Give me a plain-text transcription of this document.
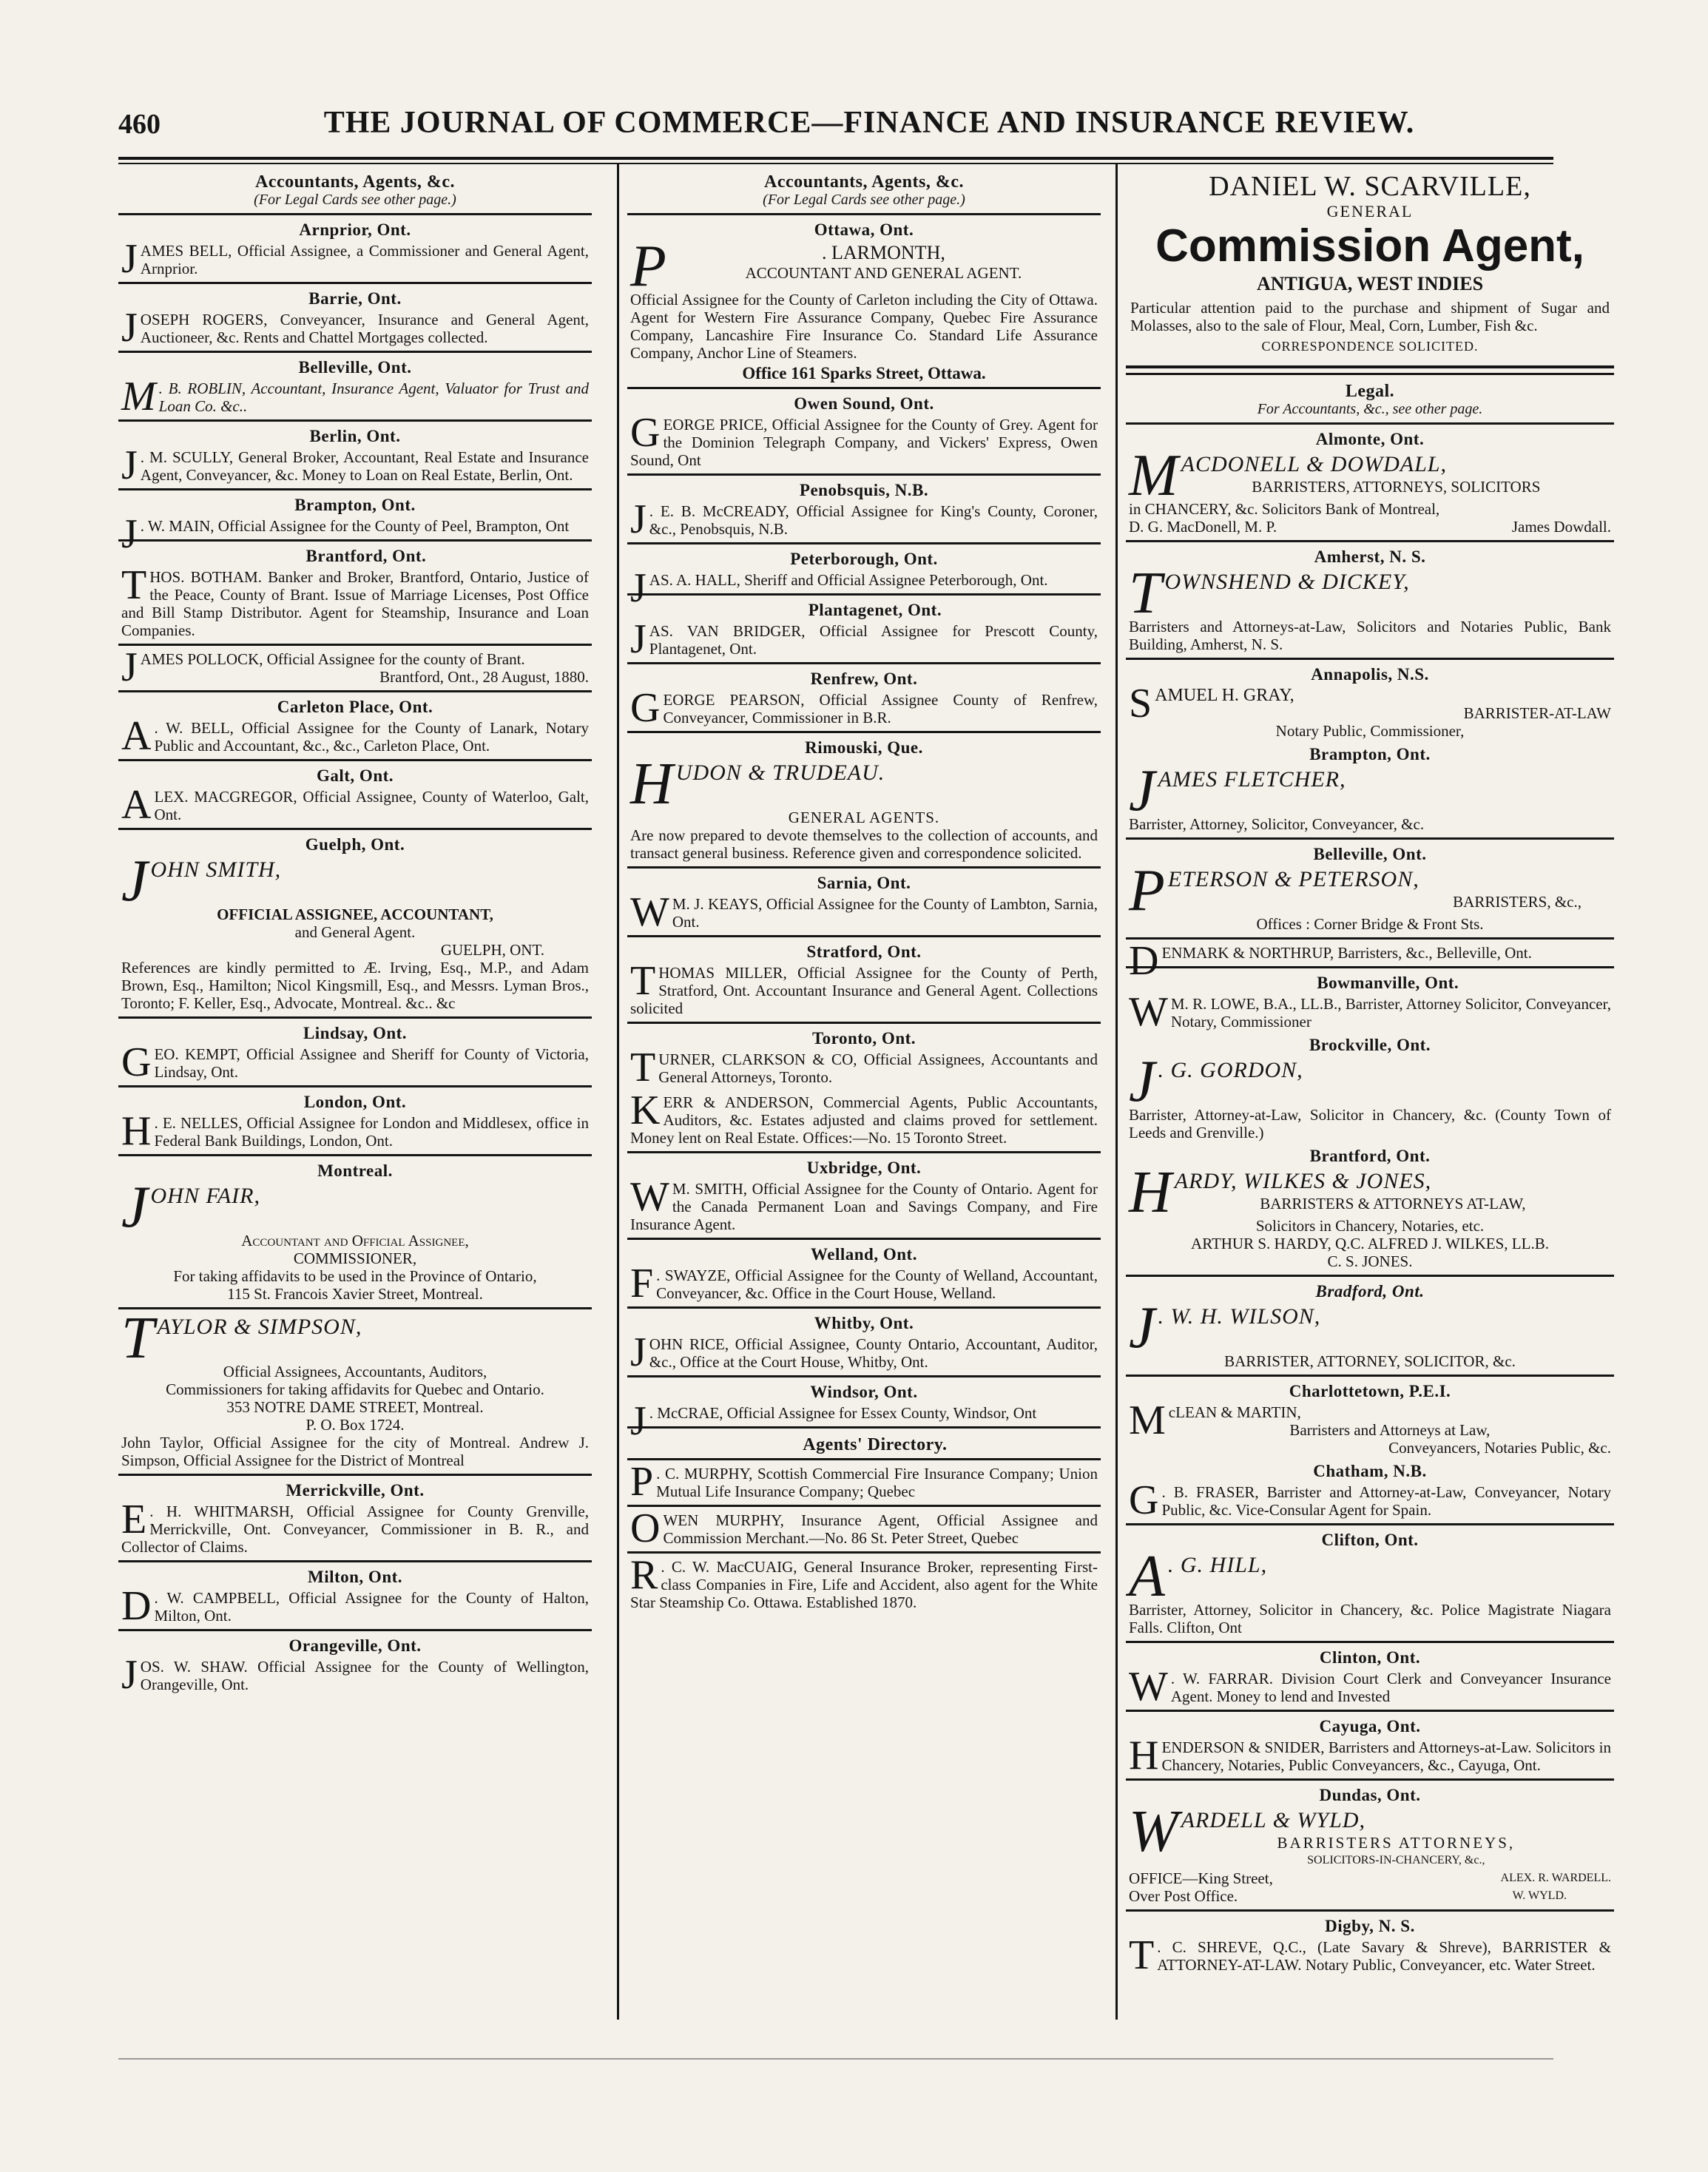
460	THE JOURNAL OF COMMERCE—FINANCE AND INSURANCE REVIEW.
Accountants, Agents, &c.
(For Legal Cards see other page.)
Arnprior, Ont.
JAMES BELL, Official Assignee, a Commissioner and General Agent, Arnprior.
Barrie, Ont.
JOSEPH ROGERS, Conveyancer, Insurance and General Agent, Auctioneer, &c. Rents and Chattel Mortgages collected.
Belleville, Ont.
M . B. ROBLIN, Accountant, Insurance Agent, Valuator for Trust and Loan Co. &c..
Berlin, Ont.
J . M. SCULLY, General Broker, Accountant, Real Estate and Insurance Agent, Conveyancer, &c. Money to Loan on Real Estate, Berlin, Ont.
Brampton, Ont.
J . W. MAIN, Official Assignee for the County of Peel, Brampton, Ont
Brantford, Ont.
THOS. BOTHAM. Banker and Broker, Brantford, Ontario, Justice of the Peace, County of Brant. Issue of Marriage Licenses, Post Office and Bill Stamp Distributor. Agent for Steamship, Insurance and Loan Companies.
JAMES POLLOCK, Official Assignee for the county of Brant.
Brantford, Ont., 28 August, 1880.
Carleton Place, Ont.
A . W. BELL, Official Assignee for the County of Lanark, Notary Public and Accountant, &c., &c., Carleton Place, Ont.
Galt, Ont.
ALEX. MACGREGOR, Official Assignee, County of Waterloo, Galt, Ont.
Guelph, Ont.
J OHN SMITH,
OFFICIAL ASSIGNEE, ACCOUNTANT,
and General Agent.
GUELPH, ONT.
References are kindly permitted to Æ. Irving, Esq., M.P., and Adam Brown, Esq., Hamilton; Nicol Kingsmill, Esq., and Messrs. Lyman Bros., Toronto; F. Keller, Esq., Advocate, Montreal. &c.. &c
Lindsay, Ont.
GEO. KEMPT, Official Assignee and Sheriff for County of Victoria, Lindsay, Ont.
London, Ont.
H . E. NELLES, Official Assignee for London and Middlesex, office in Federal Bank Buildings, London, Ont.
Montreal.
J OHN FAIR,
Accountant and Official Assignee,
COMMISSIONER,
For taking affidavits to be used in the Province of Ontario,
115 St. Francois Xavier Street, Montreal.
T AYLOR & SIMPSON,
Official Assignees, Accountants, Auditors,
Commissioners for taking affidavits for Quebec and Ontario.
353 NOTRE DAME STREET, Montreal.
P. O. Box 1724.
John Taylor, Official Assignee for the city of Montreal. Andrew J. Simpson, Official Assignee for the District of Montreal
Merrickville, Ont.
E . H. WHITMARSH, Official Assignee for County Grenville, Merrickville, Ont. Conveyancer, Commissioner in B. R., and Collector of Claims.
Milton, Ont.
D . W. CAMPBELL, Official Assignee for the County of Halton, Milton, Ont.
Orangeville, Ont.
JOS. W. SHAW. Official Assignee for the County of Wellington, Orangeville, Ont.
Accountants, Agents, &c.
(For Legal Cards see other page.)
Ottawa, Ont.
P	. LARMONTH,
ACCOUNTANT AND GENERAL AGENT.
Official Assignee for the County of Carleton including the City of Ottawa. Agent for Western Fire Assurance Company, Quebec Fire Assurance Company, Lancashire Fire Insurance Co. Standard Life Assurance Company, Anchor Line of Steamers.
Office 161 Sparks Street, Ottawa.
Owen Sound, Ont.
GEORGE PRICE, Official Assignee for the County of Grey. Agent for the Dominion Telegraph Company, and Vickers' Express, Owen Sound, Ont
Penobsquis, N.B.
J . E. B. McCREADY, Official Assignee for King's County, Coroner, &c., Penobsquis, N.B.
Peterborough, Ont.
JAS. A. HALL, Sheriff and Official Assignee Peterborough, Ont.
Plantagenet, Ont.
JAS. VAN BRIDGER, Official Assignee for Prescott County, Plantagenet, Ont.
Renfrew, Ont.
GEORGE PEARSON, Official Assignee County of Renfrew, Conveyancer, Commissioner in B.R.
Rimouski, Que.
H UDON & TRUDEAU.
GENERAL AGENTS.
Are now prepared to devote themselves to the collection of accounts, and transact general business. Reference given and correspondence solicited.
Sarnia, Ont.
W M. J. KEAYS, Official Assignee for the County of Lambton, Sarnia, Ont.
Stratford, Ont.
THOMAS MILLER, Official Assignee for the County of Perth, Stratford, Ont. Accountant Insurance and General Agent. Collections solicited
Toronto, Ont.
TURNER, CLARKSON & CO, Official Assignees, Accountants and General Attorneys, Toronto.
KERR & ANDERSON, Commercial Agents, Public Accountants, Auditors, &c. Estates adjusted and claims proved for settlement. Money lent on Real Estate. Offices:—No. 15 Toronto Street.
Uxbridge, Ont.
W M. SMITH, Official Assignee for the County of Ontario. Agent for the Canada Permanent Loan and Savings Company, and Fire Insurance Agent.
Welland, Ont.
F . SWAYZE, Official Assignee for the County of Welland, Accountant, Conveyancer, &c. Office in the Court House, Welland.
Whitby, Ont.
JOHN RICE, Official Assignee, County Ontario, Accountant, Auditor, &c., Office at the Court House, Whitby, Ont.
Windsor, Ont.
J . McCRAE, Official Assignee for Essex County, Windsor, Ont
Agents' Directory.
P . C. MURPHY, Scottish Commercial Fire Insurance Company; Union Mutual Life Insurance Company; Quebec
OWEN MURPHY, Insurance Agent, Official Assignee and Commission Merchant.—No. 86 St. Peter Street, Quebec
R . C. W. MacCUAIG, General Insurance Broker, representing First-class Companies in Fire, Life and Accident, also agent for the White Star Steamship Co. Ottawa. Established 1870.
DANIEL W. SCARVILLE,
GENERAL
Commission Agent,
ANTIGUA, WEST INDIES
Particular attention paid to the purchase and shipment of Sugar and Molasses, also to the sale of Flour, Meal, Corn, Lumber, Fish &c.
CORRESPONDENCE SOLICITED.
Legal.
For Accountants, &c., see other page.
Almonte, Ont.
M ACDONELL & DOWDALL,
BARRISTERS, ATTORNEYS, SOLICITORS
in CHANCERY, &c. Solicitors Bank of Montreal,
D. G. MacDonell, M. P.	James Dowdall.
Amherst, N. S.
T OWNSHEND & DICKEY,
Barristers and Attorneys-at-Law, Solicitors and Notaries Public, Bank Building, Amherst, N. S.
Annapolis, N.S.
S AMUEL H. GRAY,
BARRISTER-AT-LAW
Notary Public, Commissioner,
Brampton, Ont.
J AMES FLETCHER,
Barrister, Attorney, Solicitor, Conveyancer, &c.
Belleville, Ont.
P ETERSON & PETERSON,
BARRISTERS, &c.,
Offices : Corner Bridge & Front Sts.
DENMARK & NORTHRUP, Barristers, &c., Belleville, Ont.
Bowmanville, Ont.
W M. R. LOWE, B.A., LL.B., Barrister, Attorney Solicitor, Conveyancer, Notary, Commissioner
Brockville, Ont.
J . G. GORDON,
Barrister, Attorney-at-Law, Solicitor in Chancery, &c. (County Town of Leeds and Grenville.)
Brantford, Ont.
H ARDY, WILKES & JONES,
BARRISTERS & ATTORNEYS AT-LAW,
Solicitors in Chancery, Notaries, etc.
ARTHUR S. HARDY, Q.C. ALFRED J. WILKES, LL.B.
C. S. JONES.
Bradford, Ont.
J . W. H. WILSON,
BARRISTER, ATTORNEY, SOLICITOR, &c.
Charlottetown, P.E.I.
M cLEAN & MARTIN,
Barristers and Attorneys at Law,
Conveyancers, Notaries Public, &c.
Chatham, N.B.
G . B. FRASER, Barrister and Attorney-at-Law, Conveyancer, Notary Public, &c. Vice-Consular Agent for Spain.
Clifton, Ont.
A . G. HILL,
Barrister, Attorney, Solicitor in Chancery, &c. Police Magistrate Niagara Falls. Clifton, Ont
Clinton, Ont.
W . W. FARRAR. Division Court Clerk and Conveyancer Insurance Agent. Money to lend and Invested
Cayuga, Ont.
HENDERSON & SNIDER, Barristers and Attorneys-at-Law. Solicitors in Chancery, Notaries, Public Conveyancers, &c., Cayuga, Ont.
Dundas, Ont.
W ARDELL & WYLD,
BARRISTERS ATTORNEYS,
SOLICITORS-IN-CHANCERY, &c.,
OFFICE—King Street,	ALEX. R. WARDELL.
Over Post Office.	W. WYLD.
Digby, N. S.
T . C. SHREVE, Q.C., (Late Savary & Shreve), BARRISTER & ATTORNEY-AT-LAW. Notary Public, Conveyancer, etc. Water Street.
